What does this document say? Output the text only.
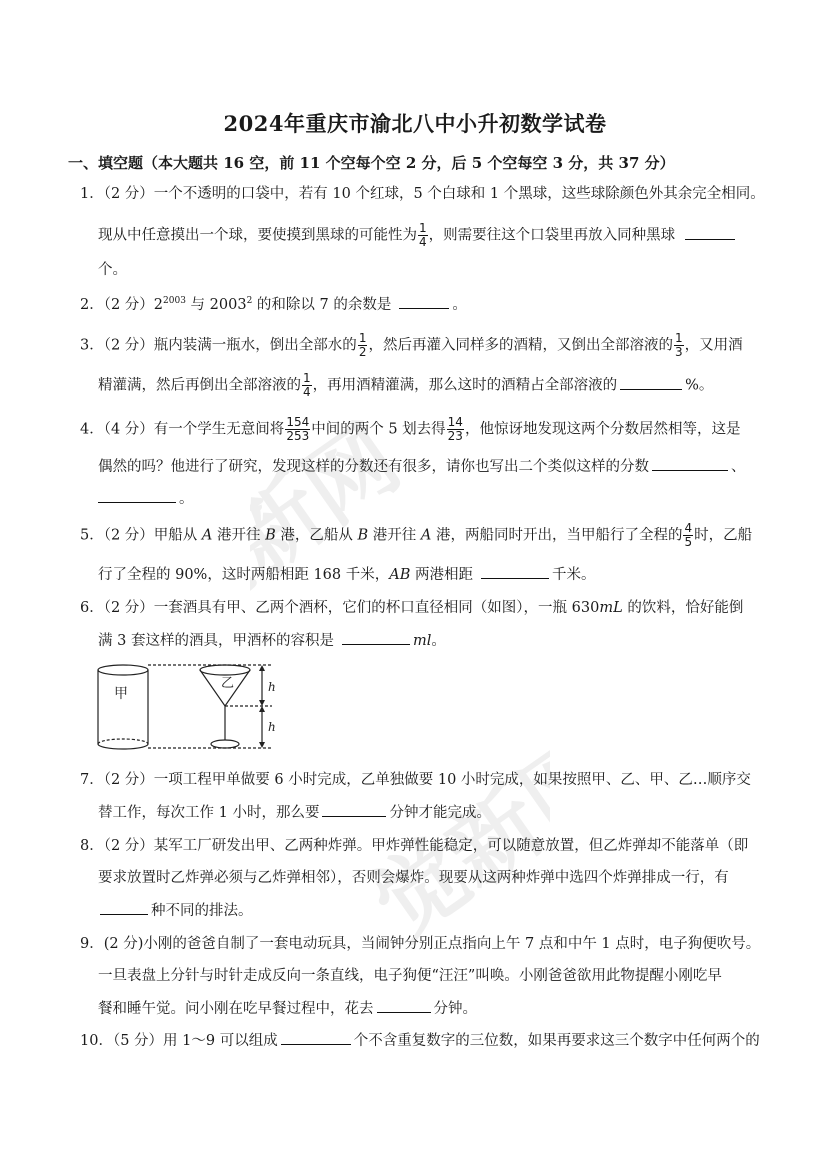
觉新网
觉新网
2024年重庆市渝北八中小升初数学试卷
一、填空题（本大题共 16 空，前 11 个空每个空 2 分，后 5 个空每空 3 分，共 37 分）
1．（2 分）一个不透明的口袋中，若有 10 个红球，5 个白球和 1 个黑球，这些球除颜色外其余完全相同。
现从中任意摸出一个球，要使摸到黑球的可能性为 $\frac{1}{4}$ ，则需要往这个口袋里再放入同种黑球
个。
2．（2 分）$2^{2003}$ 与 2003$^2$ 的和除以 7 的余数是	。
3．（2 分）瓶内装满一瓶水，倒出全部水的 $\frac{1}{2}$ ，然后再灌入同样多的酒精，又倒出全部溶液的 $\frac{1}{3}$ ，又用酒
精灌满，然后再倒出全部溶液的 $\frac{1}{4}$ ，再用酒精灌满，那么这时的酒精占全部溶液的	%。
4．（4 分）有一个学生无意间将 $\frac{154}{253}$ 中间的两个 5 划去得 $\frac{14}{23}$ ，他惊讶地发现这两个分数居然相等，这是
偶然的吗？他进行了研究，发现这样的分数还有很多，请你也写出二个类似这样的分数	、
。
5．（2 分）甲船从 A 港开往 B 港，乙船从 B 港开往 A 港，两船同时开出，当甲船行了全程的 $\frac{4}{5}$ 时，乙船
行了全程的 90%，这时两船相距 168 千米，AB 两港相距	千米。
6．（2 分）一套酒具有甲、乙两个酒杯，它们的杯口直径相同（如图），一瓶 630mL 的饮料，恰好能倒
满 3 套这样的酒具，甲酒杯的容积是	ml。
甲
乙	h
h
7．（2 分）一项工程甲单做要 6 小时完成，乙单独做要 10 小时完成，如果按照甲、乙、甲、乙…顺序交
替工作，每次工作 1 小时，那么要	分钟才能完成。
8．（2 分）某军工厂研发出甲、乙两种炸弹。甲炸弹性能稳定，可以随意放置，但乙炸弹却不能落单（即
要求放置时乙炸弹必须与乙炸弹相邻），否则会爆炸。现要从这两种炸弹中选四个炸弹排成一行，有
种不同的排法。
9．(2 分)小刚的爸爸自制了一套电动玩具，当闹钟分别正点指向上午 7 点和中午 1 点时，电子狗便吹号。
一旦表盘上分针与时针走成反向一条直线，电子狗便“汪汪”叫唤。小刚爸爸欲用此物提醒小刚吃早
餐和睡午觉。问小刚在吃早餐过程中，花去	分钟。
10．（5 分）用 1～9 可以组成	个不含重复数字的三位数，如果再要求这三个数字中任何两个的
